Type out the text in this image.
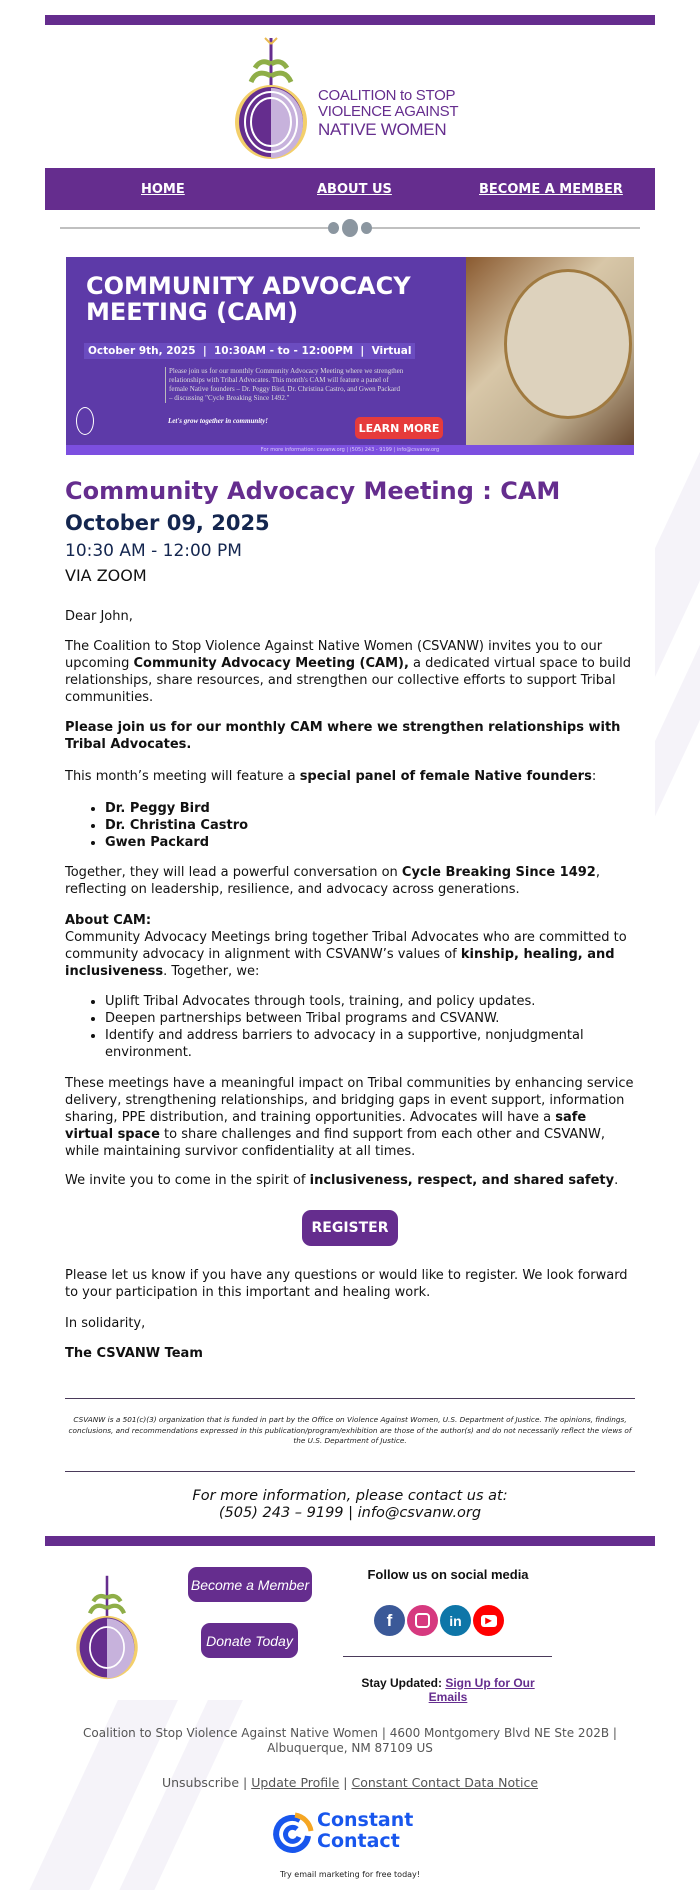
COALITION to STOP
VIOLENCE AGAINST
NATIVE WOMEN
HOME	ABOUT US	BECOME A MEMBER
COMMUNITY ADVOCACY
MEETING (CAM)
October 9th, 2025  |  10:30AM - to - 12:00PM  |  Virtual
Please join us for our monthly Community Advocacy Meeting where we strengthen relationships with Tribal Advocates. This month's CAM will feature a panel of female Native founders – Dr. Peggy Bird, Dr. Christina Castro, and Gwen Packard – discussing "Cycle Breaking Since 1492."
Let's grow together in community!
LEARN MORE
For more information: csvanw.org | (505) 243 - 9199 | info@csvanw.org
Community Advocacy Meeting : CAM
October 09, 2025
10:30 AM - 12:00 PM
VIA ZOOM
Dear John,

The Coalition to Stop Violence Against Native Women (CSVANW) invites you to our upcoming Community Advocacy Meeting (CAM), a dedicated virtual space to build relationships, share resources, and strengthen our collective efforts to support Tribal communities.

Please join us for our monthly CAM where we strengthen relationships with Tribal Advocates.

This month’s meeting will feature a special panel of female Native founders:

• Dr. Peggy Bird
• Dr. Christina Castro
• Gwen Packard

Together, they will lead a powerful conversation on Cycle Breaking Since 1492, reflecting on leadership, resilience, and advocacy across generations.

About CAM:

Community Advocacy Meetings bring together Tribal Advocates who are committed to community advocacy in alignment with CSVANW’s values of kinship, healing, and inclusiveness. Together, we:

• Uplift Tribal Advocates through tools, training, and policy updates.
• Deepen partnerships between Tribal programs and CSVANW.
• Identify and address barriers to advocacy in a supportive, nonjudgmental environment.

These meetings have a meaningful impact on Tribal communities by enhancing service delivery, strengthening relationships, and bridging gaps in event support, information sharing, PPE distribution, and training opportunities. Advocates will have a safe virtual space to share challenges and find support from each other and CSVANW, while maintaining survivor confidentiality at all times.

We invite you to come in the spirit of inclusiveness, respect, and shared safety.

REGISTER

Please let us know if you have any questions or would like to register. We look forward to your participation in this important and healing work.

In solidarity,
The CSVANW Team

CSVANW is a 501(c)(3) organization that is funded in part by the Office on Violence Against Women, U.S. Department of Justice. The opinions, findings, conclusions, and recommendations expressed in this publication/program/exhibition are those of the author(s) and do not necessarily reflect the views of the U.S. Department of Justice.

For more information, please contact us at:
(505) 243 – 9199 | info@csvanw.org
Become a Member
Donate Today
Follow us on social media
f	in	▶
Stay Updated: Sign Up for Our Emails
Coalition to Stop Violence Against Native Women | 4600 Montgomery Blvd NE Ste 202B |
Albuquerque, NM 87109 US
Unsubscribe | Update Profile | Constant Contact Data Notice
Constant
Contact
Try email marketing for free today!
